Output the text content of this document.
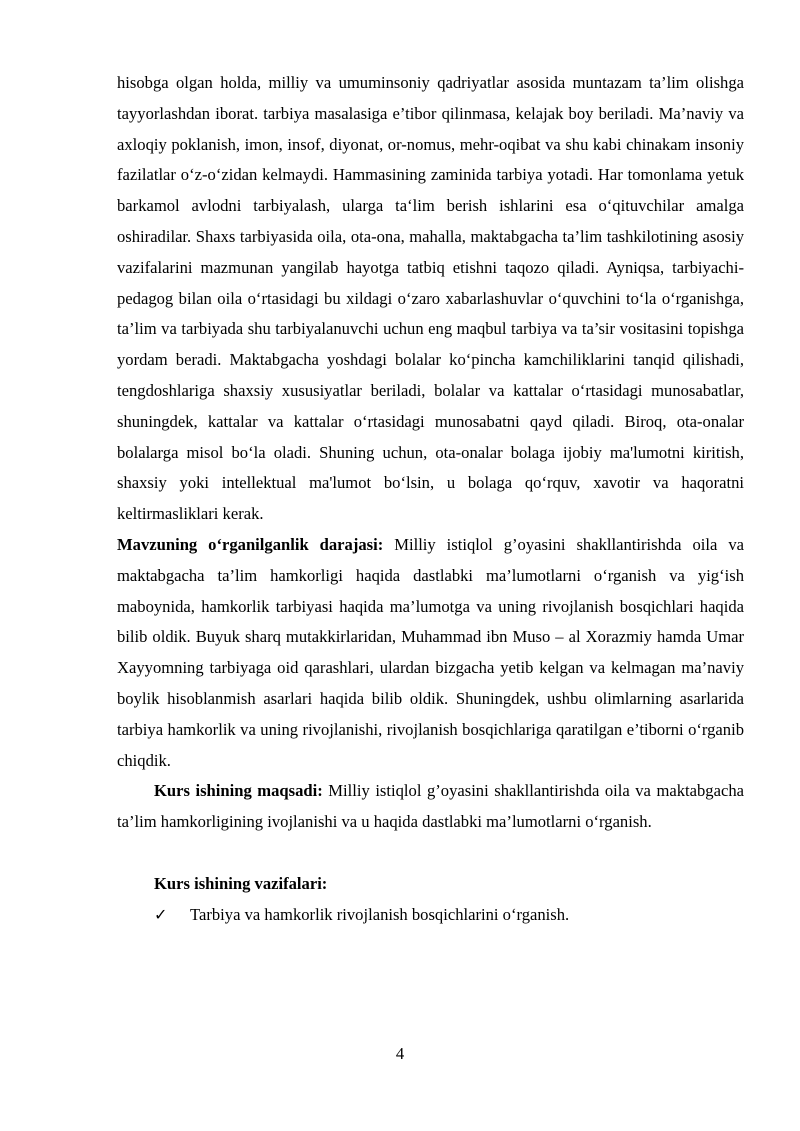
hisobga olgan holda, milliy va umuminsoniy qadriyatlar asosida muntazam ta’lim olishga tayyorlashdan iborat. tarbiya masalasiga e’tibor qilinmasa, kelajak boy beriladi. Ma’naviy va axloqiy poklanish, imon, insof, diyonat, or-nomus, mehr-oqibat va shu kabi chinakam insoniy fazilatlar o‘z-o‘zidan kelmaydi. Hammasining zaminida tarbiya yotadi. Har tomonlama yetuk barkamol avlodni tarbiyalash, ularga ta‘lim berish ishlarini esa o‘qituvchilar amalga oshiradilar. Shaxs tarbiyasida oila, ota-ona, mahalla, maktabgacha ta’lim tashkilotining asosiy vazifalarini mazmunan yangilab hayotga tatbiq etishni taqozo qiladi. Ayniqsa, tarbiyachi-pedagog bilan oila o‘rtasidagi bu xildagi o‘zaro xabarlashuvlar o‘quvchini to‘la o‘rganishga, ta’lim va tarbiyada shu tarbiyalanuvchi uchun eng maqbul tarbiya va ta’sir vositasini topishga yordam beradi. Maktabgacha yoshdagi bolalar ko‘pincha kamchiliklarini tanqid qilishadi, tengdoshlariga shaxsiy xususiyatlar beriladi, bolalar va kattalar o‘rtasidagi munosabatlar, shuningdek, kattalar va kattalar o‘rtasidagi munosabatni qayd qiladi. Biroq, ota-onalar bolalarga misol bo‘la oladi. Shuning uchun, ota-onalar bolaga ijobiy ma'lumotni kiritish, shaxsiy yoki intellektual ma'lumot bo‘lsin, u bolaga qo‘rquv, xavotir va haqoratni keltirmasliklari kerak.

Mavzuning o‘rganilganlik darajasi: Milliy istiqlol g’oyasini shakllantirishda oila va maktabgacha ta’lim hamkorligi haqida dastlabki ma’lumotlarni o‘rganish va yig‘ish maboynida, hamkorlik tarbiyasi haqida ma’lumotga va uning rivojlanish bosqichlari haqida bilib oldik. Buyuk sharq mutakkirlaridan, Muhammad ibn Muso – al Xorazmiy hamda Umar Xayyomning tarbiyaga oid qarashlari, ulardan bizgacha yetib kelgan va kelmagan ma’naviy boylik hisoblanmish asarlari haqida bilib oldik. Shuningdek, ushbu olimlarning asarlarida tarbiya hamkorlik va uning rivojlanishi, rivojlanish bosqichlariga qaratilgan e’tiborni o‘rganib chiqdik.

Kurs ishining maqsadi: Milliy istiqlol g’oyasini shakllantirishda oila va maktabgacha ta’lim hamkorligining ivojlanishi va u haqida dastlabki ma’lumotlarni o‘rganish.

Kurs ishining vazifalari:

✓ Tarbiya va hamkorlik rivojlanish bosqichlarini o‘rganish.
4
